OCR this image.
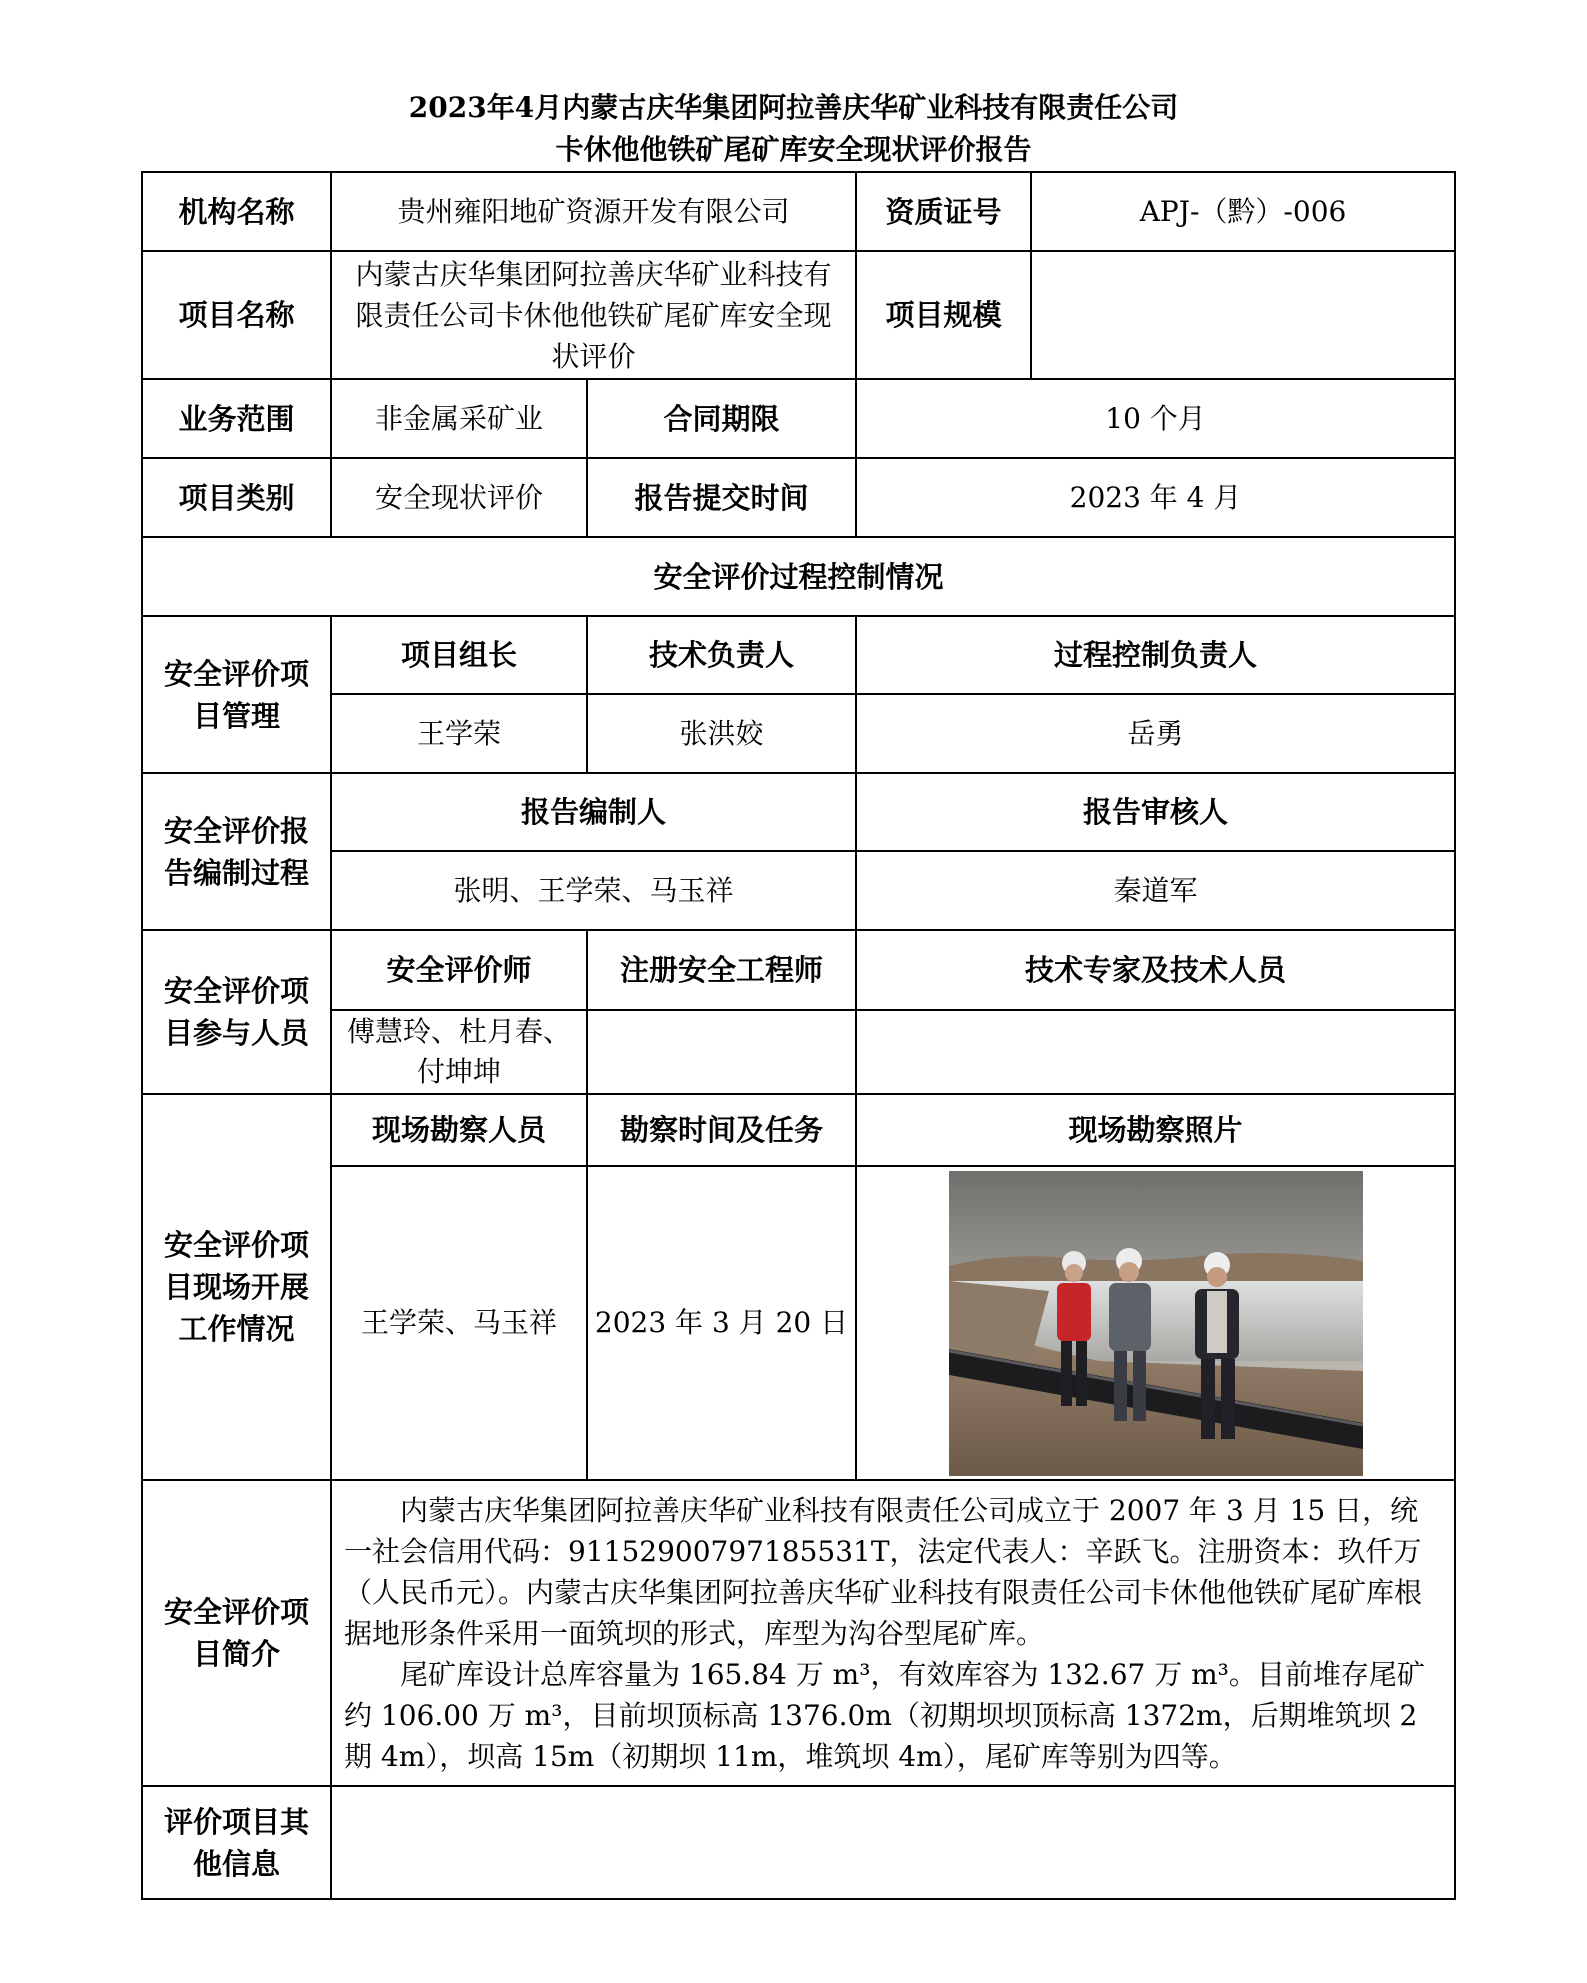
2023年4月内蒙古庆华集团阿拉善庆华矿业科技有限责任公司
卡休他他铁矿尾矿库安全现状评价报告
机构名称	贵州雍阳地矿资源开发有限公司		资质证号	APJ-（黔）-006
项目名称	内蒙古庆华集团阿拉善庆华矿业科技有限责任公司卡休他他铁矿尾矿库安全现状评价		项目规模	
业务范围	非金属采矿业	合同期限	10 个月	
项目类别	安全现状评价	报告提交时间	2023 年 4 月	
安全评价过程控制情况				
安全评价项目管理	项目组长	技术负责人	过程控制负责人	
	王学荣	张洪姣	岳勇	
安全评价报告编制过程	报告编制人		报告审核人	
	张明、王学荣、马玉祥		秦道军	
安全评价项目参与人员	安全评价师	注册安全工程师	技术专家及技术人员	
	傅慧玲、杜月春、付坤坤			
安全评价项目现场开展工作情况	现场勘察人员	勘察时间及任务	现场勘察照片	
	王学荣、马玉祥	2023 年 3 月 20 日	

安全评价项目简介	内蒙古庆华集团阿拉善庆华矿业科技有限责任公司成立于 2007 年 3 月 15 日，统一社会信用代码：91152900797185531T，法定代表人：辛跃飞。注册资本：玖仟万（人民币元）。内蒙古庆华集团阿拉善庆华矿业科技有限责任公司卡休他他铁矿尾矿库根据地形条件采用一面筑坝的形式，库型为沟谷型尾矿库。

尾矿库设计总库容量为 165.84 万 m³，有效库容为 132.67 万 m³。目前堆存尾矿约 106.00 万 m³，目前坝顶标高 1376.0m（初期坝坝顶标高 1372m，后期堆筑坝 2 期 4m），坝高 15m（初期坝 11m，堆筑坝 4m），尾矿库等别为四等。			

评价项目其他信息				
